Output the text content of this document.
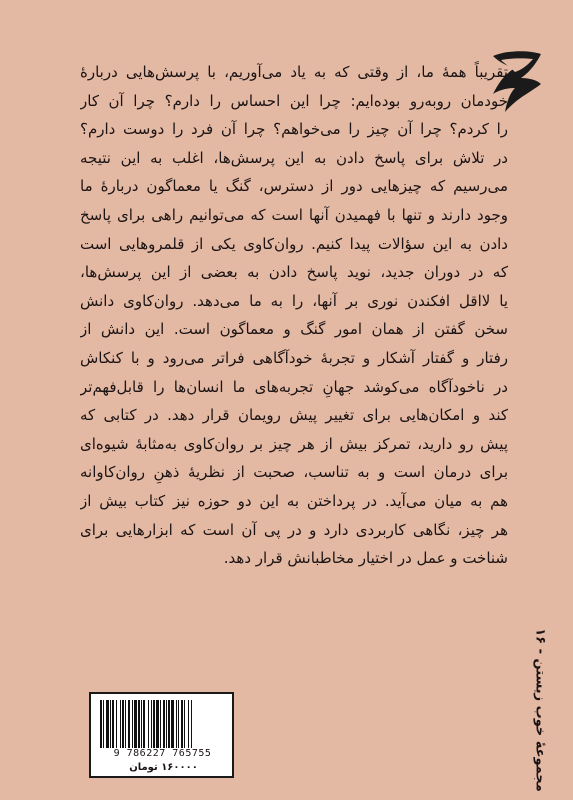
تقریباً همهٔ ما، از وقتی که به یاد می‌آوریم، با پرسش‌هایی دربارهٔ
خودمان روبه‌رو بوده‌ایم: چرا این احساس را دارم؟ چرا آن کار
را کردم؟ چرا آن چیز را می‌خواهم؟ چرا آن فرد را دوست دارم؟
در تلاش برای پاسخ دادن به این پرسش‌ها، اغلب به این نتیجه
می‌رسیم که چیزهایی دور از دسترس، گنگ یا معماگون دربارهٔ ما
وجود دارند و تنها با فهمیدن آنها است که می‌توانیم راهی برای پاسخ
دادن به این سؤالات پیدا کنیم. روان‌کاوی یکی از قلمروهایی است
که در دوران جدید، نوید پاسخ دادن به بعضی از این پرسش‌ها،
یا لااقل افکندن نوری بر آنها، را به ما می‌دهد. روان‌کاوی دانش
سخن گفتن از همان امور گنگ و معماگون است. این دانش از
رفتار و گفتار آشکار و تجربهٔ خودآگاهی فراتر می‌رود و با کنکاش
در ناخودآگاه می‌کوشد جهانِ تجربه‌های ما انسان‌ها را قابل‌فهم‌تر
کند و امکان‌هایی برای تغییر پیش رویمان قرار دهد. در کتابی که
پیش رو دارید، تمرکز بیش از هر چیز بر روان‌کاوی به‌مثابهٔ شیوه‌ای
برای درمان است و به تناسب، صحبت از نظریهٔ ذهنِ روان‌کاوانه
هم به میان می‌آید. در پرداختن به این دو حوزه نیز کتاب بیش از
هر چیز، نگاهی کاربردی دارد و در پی آن است که ابزارهایی برای
شناخت و عمل در اختیار مخاطبانش قرار دهد.
9 786227 765755
۱۶۰۰۰۰ تومان
مجموعهٔ خوب زیستن - ۱۶
